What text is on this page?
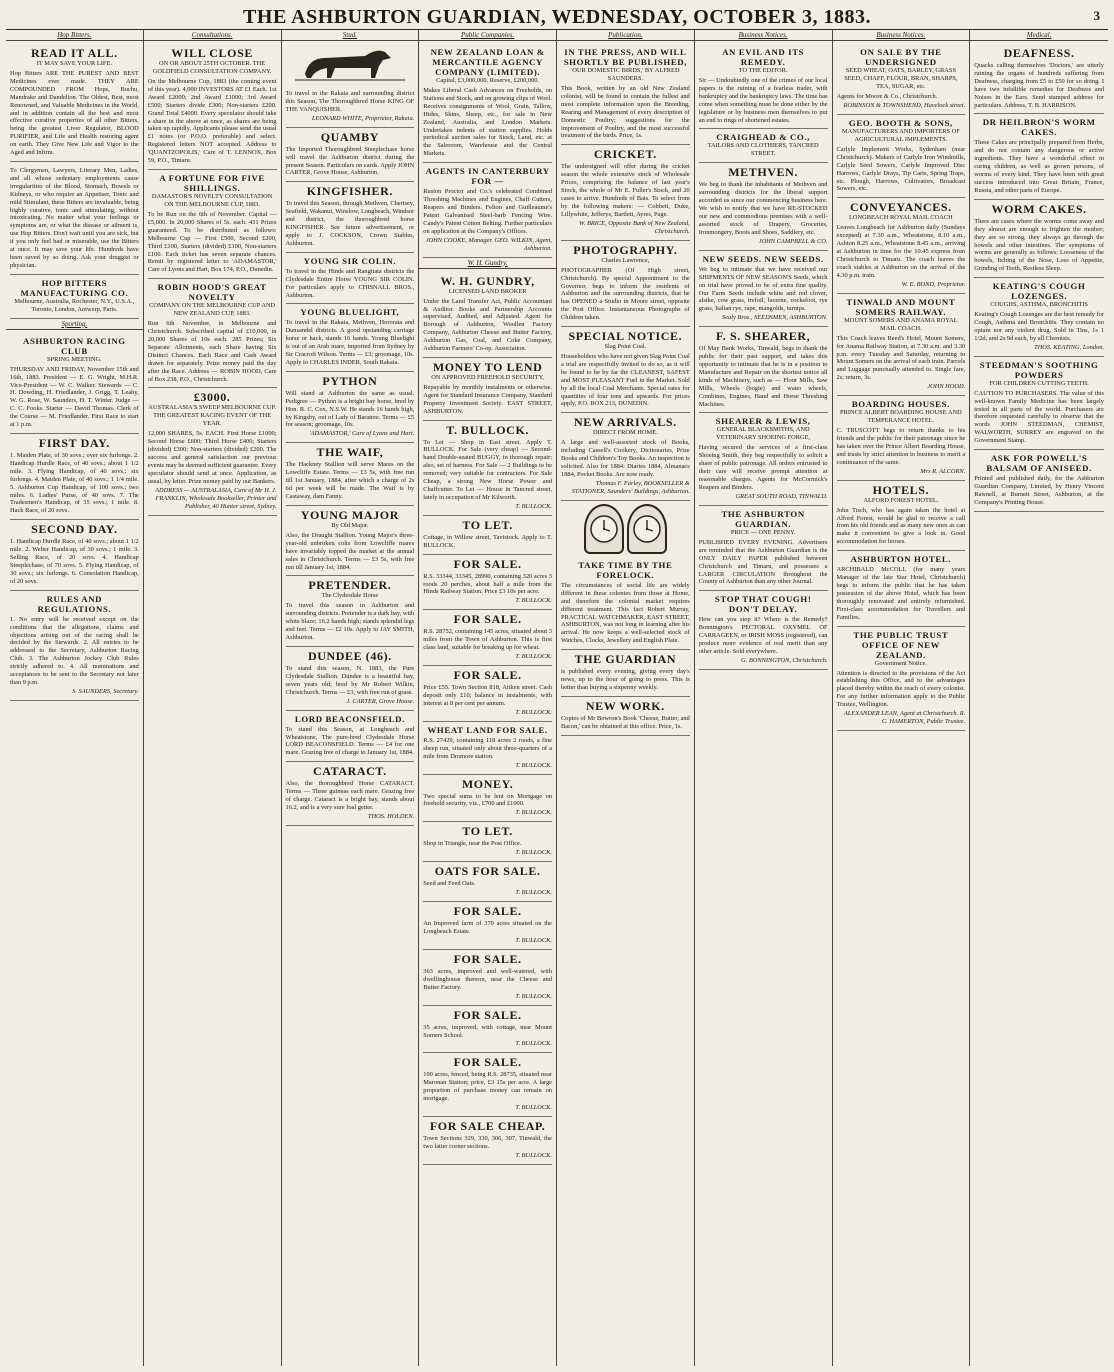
THE ASHBURTON GUARDIAN, WEDNESDAY, OCTOBER 3, 1883.	3
Hop Bitters.
READ IT ALL.
IT MAY SAVE YOUR LIFE.
Hop Bitters ARE THE PUREST AND BEST Medicines ever made. THEY ARE COMPOUNDED FROM Hops, Buchu, Mandrake and Dandelion. The Oldest, Best, most Renowned, and Valuable Medicines in the World, and in addition contain all the best and most effective curative properties of all other Bitters, being the greatest Liver Regulator, BLOOD PURIFIER, and Life and Health restoring agent on earth. They Give New Life and Vigor to the Aged and Infirm.
To Clergymen, Lawyers, Literary Men, Ladies, and all whose sedentary employments cause irregularities of the Blood, Stomach, Bowels or Kidneys, or who require an Appetiser, Tonic and mild Stimulant, these Bitters are invaluable, being highly curative, tonic and stimulating, without intoxicating. No matter what your feelings or symptoms are, or what the disease or ailment is, use Hop Bitters. Don't wait until you are sick, but if you only feel bad or miserable, use the Bitters at once. It may save your life. Hundreds have been saved by so doing. Ask your druggist or physician.
HOP BITTERS MANUFACTURING CO.
Melbourne, Australia, Rochester, N.Y., U.S.A., Toronto, London, Antwerp, Paris.
Sporting.
ASHBURTON RACING CLUB
SPRING MEETING.
THURSDAY AND FRIDAY, November 15th and 16th, 1883. President — E. G. Wright, M.H.R. Vice-President — W. C. Walker. Stewards — C. H. Dowding, H. Friedlander, J. Grigg, T. Leahy, W. G. Rose, W. Saunders, H. T. Winter. Judge — C. C. Fooks. Starter — David Thomas. Clerk of the Course — M. Friedlander. First Race to start at 1 p.m.
FIRST DAY.
1. Maiden Plate, of 30 sovs.; over six furlongs. 2. Handicap Hurdle Race, of 40 sovs.; about 1 1/2 mile. 3. Flying Handicap, of 40 sovs.; six furlongs. 4. Maiden Plate, of 40 sovs.; 1 1/4 mile. 5. Ashburton Cup Handicap, of 100 sovs.; two miles. 6. Ladies' Purse, of 40 sovs. 7. The Tradesmen's Handicap, of 35 sovs.; 1 mile. 8. Hack Race, of 20 sovs.
SECOND DAY.
1. Handicap Hurdle Race, of 40 sovs.; about 1 1/2 mile. 2. Welter Handicap, of 30 sovs.; 1 mile. 3. Selling Race, of 20 sovs. 4. Handicap Steeplechase, of 70 sovs. 5. Flying Handicap, of 30 sovs.; six furlongs. 6. Consolation Handicap, of 20 sovs.
RULES AND REGULATIONS.
1. No entry will be received except on the conditions that the allegations, claims and objections arising out of the racing shall be decided by the Stewards. 2. All entries to be addressed to the Secretary, Ashburton Racing Club. 3. The Ashburton Jockey Club Rules strictly adhered to. 4. All nominations and acceptances to be sent to the Secretary not later than 9 p.m.
S. SAUNDERS, Secretary.
Consultations.
WILL CLOSE
ON OR ABOUT 25TH OCTOBER. THE GOLDFIELD CONSULTATION COMPANY.
On the Melbourne Cup, 1883 (the coming event of this year). 4,000 INVESTORS AT £1 Each. 1st Award £2000; 2nd Award £1000; 3rd Award £500; Starters divide £300; Non-starters £200. Grand Total £4000. Every speculator should take a share in the above at once, as shares are being taken up rapidly. Applicants please send the usual £1 notes (or P.O.O. preferable) and select. Registered letters NOT accepted. Address to 'QUANTZOPOLIS,' Care of T. LENNOX, Box 59, P.O., Timaru.
A FORTUNE FOR FIVE SHILLINGS.
DAMASTOR'S NOVELTY CONSULTATION ON THE MELBOURNE CUP, 1883.
To be Run on the 6th of November. Capital — £5,000. In 20,000 Shares of 5s. each. 431 Prizes guaranteed. To be distributed as follows: Melbourne Cup — First £500, Second £200, Third £100, Starters (divided) £100, Non-starters £100. Each ticket has seven separate chances. Remit by registered letter to 'ADAMASTOR,' Care of Lyons and Hart, Box 174, P.O., Dunedin.
ROBIN HOOD'S GREAT NOVELTY
COMPANY ON THE MELBOURNE CUP AND NEW ZEALAND CUP, 1883.
Run 6th November, in Melbourne and Christchurch. Subscribed capital of £10,000, in 20,000 Shares of 10s each. 285 Prizes; Six Separate Allotments, each Share having Six Distinct Chances. Each Race and Cash Award drawn for separately. Prize money paid the day after the Race. Address — ROBIN HOOD, Care of Box 238, P.O., Christchurch.
£3000.
AUSTRALASIA'S SWEEP MELBOURNE CUP. THE GREATEST RACING EVENT OF THE YEAR.
12,000 SHARES, 5s. EACH. First Horse £1000; Second Horse £600; Third Horse £400; Starters (divided) £300; Non-starters (divided) £200. The success and general satisfaction our previous events may be deemed sufficient guarantee. Every speculator should send at once. Application, as usual, by letter. Prize money paid by our Bankers.
ADDRESS — AUSTRALASIA, Care of Mr H. J. FRANKLIN, Wholesale Bookseller, Printer and Publisher, 40 Hunter street, Sydney.
Stud.
To travel in the Rakaia and surrounding district this Season, The Thoroughbred Horse KING OF THE VANQUISHER.
LEONARD WHITE, Proprietor, Rakaia.
QUAMBY
The Imported Thoroughbred Steeplechase horse will travel the Ashburton district during the present Season. Particulars on cards. Apply JOHN CARTER, Grove House, Ashburton.
KINGFISHER.
To travel this Season, through Methven, Chertsey, Seafield, Wakanui, Winslow, Longbeach, Windsor and district, the thoroughbred horse KINGFISHER. See future advertisement, or apply to J. COCKSON, Crown Stables, Ashburton.
YOUNG SIR COLIN.
To travel in the Hinds and Rangitata districts the Clydesdale Entire Horse YOUNG SIR COLIN. For particulars apply to CHISNALL BROS., Ashburton.
YOUNG BLUELIGHT,
To travel in the Rakaia, Methven, Hororata and Dunsandel districts. A good upstanding carriage horse or hack, stands 16 hands. Young Bluelight is out of an Arab mare, imported from Sydney by Sir Cracroft Wilson. Terms — £3; groomage, 10s. Apply to CHARLES INDER, South Rakaia.
PYTHON
Will stand at Ashburton the same as usual. Pedigree — Python is a bright bay horse, bred by Hon. R. C. Cox, N.S.W. He stands 16 hands high, by Kingsby, out of Lady of Baratree. Terms — £5 for season; groomage, 10s.
'ADAMASTOR,' Care of Lyons and Hart.
THE WAIF,
The Hackney Stallion will serve Mares on the Lowcliffe Estate. Terms — £3 5s, with free run till 1st January, 1884, after which a charge of 2s 6d per week will be made. The Waif is by Castaway, dam Fanny.
YOUNG MAJOR
By Old Major.
Also, the Draught Stallion. Young Major's three-year-old unbroken colts from Lowcliffe mares have invariably topped the market at the annual sales in Christchurch. Terms — £3 5s, with free run till January 1st, 1884.
PRETENDER.
The Clydesdale Horse
To travel this season in Ashburton and surrounding districts. Pretender is a dark bay, with white blaze; 16.2 hands high; stands splendid legs and feet. Terms — £2 10s. Apply to JAY SMITH, Ashburton.
DUNDEE (46).
To stand this season, N. 1883, the Pure Clydesdale Stallion. Dundee is a beautiful bay, seven years old; bred by Mr Robert Wilkin, Christchurch. Terms — £3, with free run of grass.
J. CARTER, Grove House.
LORD BEACONSFIELD.
To stand this Season, at Longbeach and Wheatstone, The pure-bred Clydesdale Horse LORD BEACONSFIELD. Terms — £4 for one mare. Grazing free of charge to January 1st, 1884.
CATARACT.
Also, the thoroughbred Horse CATARACT. Terms — Three guineas each mare. Grazing free of charge. Cataract is a bright bay, stands about 16.2, and is a very sure foal getter.
THOS. HOLDEN.
Public Companies.
NEW ZEALAND LOAN & MERCANTILE AGENCY COMPANY (LIMITED).
Capital, £3,000,000. Reserve, £200,000.
Makes Liberal Cash Advances on Freeholds, on Stations and Stock, and on growing clips of Wool. Receives consignments of Wool, Grain, Tallow, Hides, Skins, Sheep, etc., for sale in New Zealand, Australia, and London Markets. Undertakes indents of station supplies. Holds periodical auction sales for Stock, Land, etc. at the Saleroom, Warehouse and the Central Markets.
AGENTS IN CANTERBURY FOR —
Ruston Proctor and Co.'s celebrated Combined Threshing Machines and Engines, Chaff Cutters, Reapers and Binders. Felton and Guilleaume's Patent Galvanised Steel-barb Fencing Wire. Candy's Patent Cotton Belting. Further particulars on application at the Company's Offices.
JOHN COOKE, Manager. GEO. WILKIN, Agent, Ashburton.
W. H. Gundry.
W. H. GUNDRY,
LICENSED LAND BROKER
Under the Land Transfer Act, Public Accountant & Auditor. Books and Partnership Accounts supervised, Audited, and Adjusted. Agent for Borough of Ashburton, Woollen Factory Company, Ashburton Cheese and Butter Factory, Ashburton Gas, Coal, and Coke Company, Ashburton Farmers' Co-op. Association.
MONEY TO LEND
ON APPROVED FREEHOLD SECURITY,
Repayable by monthly instalments or otherwise. Agent for Standard Insurance Company, Standard Property Investment Society. EAST STREET, ASHBURTON.
T. BULLOCK.
To Let — Shop in East street. Apply T. BULLOCK. For Sale (very cheap) — Second-hand Double-seated BUGGY, in thorough repair; also, set of harness. For Sale — 2 Buildings to be removed; very suitable for contractors. For Sale Cheap, a strong New Horse Power and Chaffcutter. To Let — House in Tancred street, lately in occupation of Mr Kilworth.
T. BULLOCK.
TO LET.
Cottage, in Willow street, Tavistock. Apply to T. BULLOCK.
FOR SALE.
R.S. 33344, 33345, 28990, containing 320 acres 3 roods 20 perches, about half a mile from the Hinds Railway Station. Price £3 10s per acre.
T. BULLOCK.
FOR SALE.
R.S. 28752, containing 145 acres, situated about 3 miles from the Town of Ashburton. This is first class land, suitable for breaking up for wheat.
T. BULLOCK.
FOR SALE.
Price £55. Town Section 818, Aitken street. Cash deposit only £10; balance in instalments, with interest at 8 per cent per annum.
T. BULLOCK.
WHEAT LAND FOR SALE.
R.S. 27429, containing 118 acres 2 roods, a fine sheep run, situated only about three-quarters of a mile from Dromore station.
T. BULLOCK.
MONEY.
Two special sums to be lent on Mortgage on freehold security, viz., £700 and £1000.
T. BULLOCK.
TO LET.
Shop in Triangle, near the Post Office.
T. BULLOCK.
OATS FOR SALE.
Seed and Feed Oats.
T. BULLOCK.
FOR SALE.
An Improved farm of 370 acres situated on the Longbeach Estate.
T. BULLOCK.
FOR SALE.
363 acres, improved and well-watered, with dwellinghouse thereon, near the Cheese and Butter Factory.
T. BULLOCK.
FOR SALE.
35 acres, improved, with cottage, near Mount Somers School.
T. BULLOCK.
FOR SALE.
100 acres, fenced, being R.S. 28735, situated near Maronan Station; price, £3 15s per acre. A large proportion of purchase money can remain on mortgage.
T. BULLOCK.
FOR SALE CHEAP.
Town Sections 329, 330, 306, 307, Tinwald, the two latter corner sections.
T. BULLOCK.
Publication.
IN THE PRESS, AND WILL SHORTLY BE PUBLISHED,
'OUR DOMESTIC BIRDS,' BY ALFRED SAUNDERS.
This Book, written by an old New Zealand colonist, will be found to contain the fullest and most complete information upon the Breeding, Rearing and Management of every description of Domestic Poultry; suggestions for the improvement of Poultry, and the most successful treatment of the birds. Price, 1s.
CRICKET.
The undersigned will offer during the cricket season the whole extensive stock of Wholesale Prices, comprising the balance of last year's Stock, the whole of Mr E. Fuller's Stock, and 20 cases to arrive. Hundreds of Bats. To select from by the following makers: — Cobbett, Duke, Lillywhite, Jefferys, Bartlett, Ayres, Page.
W. BRICE, Opposite Bank of New Zealand, Christchurch.
PHOTOGRAPHY.
Charles Lawrence,
PHOTOGRAPHER (Of High street, Christchurch). By special Appointment to the Governor, begs to inform the residents of Ashburton and the surrounding districts, that he has OPENED a Studio in Moore street, opposite the Post Office. Instantaneous Photographs of Children taken.
SPECIAL NOTICE.
Slag Point Coal.
Householders who have not given Slag Point Coal a trial are respectfully invited to do so, as it will be found to be by far the CLEANEST, SAFEST and MOST PLEASANT Fuel in the Market. Sold by all the local Coal Merchants. Special rates for quantities of four tons and upwards. For prices apply, P.O. BOX 213, DUNEDIN.
NEW ARRIVALS.
DIRECT FROM HOME.
A large and well-assorted stock of Books, including Cassell's Cookery, Dictionaries, Prize Books and Children's Toy Books. An inspection is solicited. Also for 1884: Diaries 1884, Almanacs 1884, Pocket Books. Are now ready.
Thomas F. Farley, BOOKSELLER & STATIONER, Saunders' Buildings, Ashburton.
TAKE TIME BY THE FORELOCK.
The circumstances of social life are widely different in these colonies from those at Home, and therefore the colonial market requires different treatment. This fact Robert Murray, PRACTICAL WATCHMAKER, EAST STREET, ASHBURTON, was not long in learning after his arrival. He now keeps a well-selected stock of Watches, Clocks, Jewellery and English Plate.
THE GUARDIAN
is published every evening, giving every day's news, up to the hour of going to press. This is better than buying a sixpenny weekly.
NEW WORK.
Copies of Mr Bowron's Book 'Cheese, Butter, and Bacon,' can be obtained at this office. Price, 1s.
Business Notices.
AN EVIL AND ITS REMEDY.
TO THE EDITOR.
Sir — Undoubtedly one of the crimes of our local papers is the ruining of a fearless trader, with bankruptcy and the bankruptcy laws. The time has come when something must be done either by the legislature or by business men themselves to put an end to rings of shortened estates.
CRAIGHEAD & CO.,
TAILORS AND CLOTHIERS, TANCRED STREET.
METHVEN.
We beg to thank the inhabitants of Methven and surrounding districts for the liberal support accorded us since our commencing business here. We wish to notify that we have RE-STOCKED our new and commodious premises with a well-assorted stock of Drapery, Groceries, Ironmongery, Boots and Shoes, Saddlery, etc.
JOHN CAMPBELL & CO.
NEW SEEDS. NEW SEEDS.
We beg to intimate that we have received our SHIPMENTS OF NEW SEASON'S Seeds, which on trial have proved to be of extra fine quality. Our Farm Seeds include white and red clover, alsike, cow grass, trefoil, lucerne, cocksfoot, rye grass, Italian rye, rape, mangolds, turnips.
Sealy Bros., SEEDSMEN, ASHBURTON.
F. S. SHEARER,
Of May Bank Works, Tinwald, begs to thank the public for their past support, and takes this opportunity to intimate that he is in a position to Manufacture and Repair on the shortest notice all kinds of Machinery, such as — Flour Mills, Saw Mills, Wheels (bogie) and water wheels, Combines, Engines, Hand and Horse Threshing Machines.
SHEARER & LEWIS,
GENERAL BLACKSMITHS, AND VETERINARY SHOEING FORGE,
Having secured the services of a first-class Shoeing Smith, they beg respectfully to solicit a share of public patronage. All orders entrusted to their care will receive prompt attention at reasonable charges. Agents for McCormick's Reapers and Binders.
GREAT SOUTH ROAD, TINWALD.
THE ASHBURTON GUARDIAN.
PRICE — ONE PENNY.
PUBLISHED EVERY EVENING. Advertisers are reminded that the Ashburton Guardian is the ONLY DAILY PAPER published between Christchurch and Timaru, and possesses a LARGER CIRCULATION throughout the County of Ashburton than any other Journal.
STOP THAT COUGH! DON'T DELAY.
How can you stop it? Where is the Remedy? Bonnington's PECTORAL OXYMEL OF CARRAGEEN, or IRISH MOSS (registered), can produce more evidence of real merit than any other article. Sold everywhere.
G. BONNINGTON, Christchurch.
Business Notices.
ON SALE BY THE UNDERSIGNED
SEED WHEAT, OATS, BARLEY, GRASS SEED, CHAFF, FLOUR, BRAN, SHARPS, TEA, SUGAR, etc.
Agents for Moore & Co., Christchurch.
ROBINSON & TOWNSHEND, Havelock street.
GEO. BOOTH & SONS,
MANUFACTURERS AND IMPORTERS OF AGRICULTURAL IMPLEMENTS.
Carlyle Implement Works, Sydenham (near Christchurch). Makers of Carlyle Iron Windmills, Carlyle Seed Sowers, Carlyle Improved Disc Harrows, Carlyle Drays, Tip Carts, Spring Traps, etc. Plough, Harrows, Cultivators, Broadcast Sowers, etc.
CONVEYANCES.
LONGBEACH ROYAL MAIL COACH
Leaves Longbeach for Ashburton daily (Sundays excepted) at 7.30 a.m., Wheatstone, 8.10 a.m., Ashton 8.25 a.m., Wheatstone 8.45 a.m., arriving at Ashburton in time for the 10.45 express from Christchurch to Timaru. The coach leaves the coach stables at Ashburton on the arrival of the 4.30 p.m. train.
W. E. BOND, Proprietor.
TINWALD AND MOUNT SOMERS RAILWAY.
MOUNT SOMERS AND ANAMA ROYAL MAIL COACH.
This Coach leaves Reed's Hotel, Mount Somers, for Anama Railway Station, at 7.30 a.m. and 3.30 p.m. every Tuesday and Saturday, returning to Mount Somers on the arrival of each train. Parcels and Luggage punctually attended to. Single fare, 2s; return, 3s.
JOHN HOOD.
BOARDING HOUSES.
PRINCE ALBERT BOARDING HOUSE AND TEMPERANCE HOTEL.
C. TRUSCOTT begs to return thanks to his friends and the public for their patronage since he has taken over the Prince Albert Boarding House, and trusts by strict attention to business to merit a continuance of the same.
Mrs R. ALCORN.
HOTELS.
ALFORD FOREST HOTEL.
John Tisch, who has again taken the hotel at Alford Forest, would be glad to receive a call from his old friends and as many new ones as can make it convenient to give a look in. Good accommodation for horses.
ASHBURTON HOTEL.
ARCHIBALD McCOLL (for many years Manager of the late Star Hotel, Christchurch) begs to inform the public that he has taken possession of the above Hotel, which has been thoroughly renovated and entirely refurnished. First-class accommodation for Travellers and Families.
THE PUBLIC TRUST OFFICE OF NEW ZEALAND.
Government Notice.
Attention is directed to the provisions of the Act establishing this Office, and to the advantages placed thereby within the reach of every colonist. For any further information apply to the Public Trustee, Wellington.
ALEXANDER LEAN, Agent at Christchurch. R. C. HAMERTON, Public Trustee.
Medical.
DEAFNESS.
Quacks calling themselves 'Doctors,' are utterly ruining the organs of hundreds suffering from Deafness, charging from £5 to £50 for so doing. I have two infallible remedies for Deafness and Noises in the Ears. Send stamped address for particulars. Address, T. B. HARRISON.
DR HEILBRON'S WORM CAKES.
These Cakes are principally prepared from Herbs, and do not contain any dangerous or active ingredients. They have a wonderful effect in curing children, as well as grown persons, of worms of every kind. They have been with great success introduced into Great Britain, France, Russia, and other parts of Europe.
WORM CAKES.
There are cases where the worms come away and they almost are enough to frighten the mother; they are so strong, they always go through the bowels and other intestines. The symptoms of worms are generally as follows: Looseness of the bowels, Itching of the Nose, Loss of Appetite, Grinding of Teeth, Restless Sleep.
KEATING'S COUGH LOZENGES.
COUGHS, ASTHMA, BRONCHITIS
Keating's Cough Lozenges are the best remedy for Cough, Asthma and Bronchitis. They contain no opium nor any violent drug. Sold in Tins, 1s 1 1/2d, and 2s 9d each, by all Chemists.
THOS. KEATING, London.
STEEDMAN'S SOOTHING POWDERS
FOR CHILDREN CUTTING TEETH.
CAUTION TO PURCHASERS. The value of this well-known Family Medicine has been largely tested in all parts of the world. Purchasers are therefore requested carefully to observe that the words JOHN STEEDMAN, CHEMIST, WALWORTH, SURREY are engraved on the Government Stamp.
ASK FOR POWELL'S BALSAM OF ANISEED.
Printed and published daily, for the Ashburton Guardian Company, Limited, by Henry Vincent Rawnell, at Burnett Street, Ashburton, at the Company's Printing House.
